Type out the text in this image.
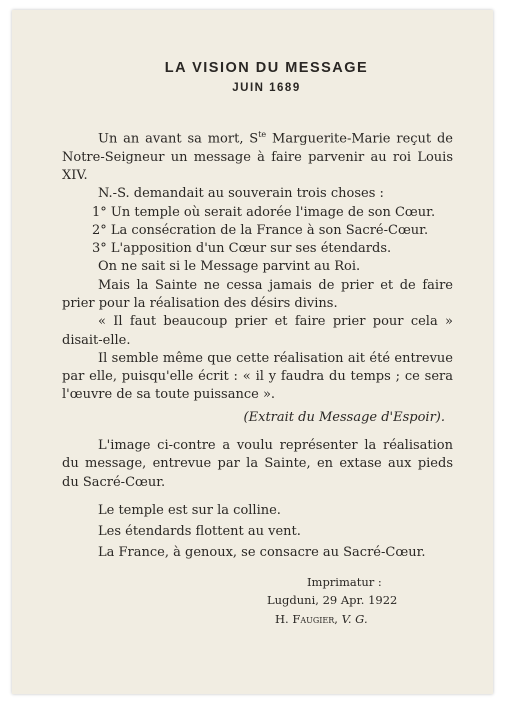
LA VISION DU MESSAGE
JUIN 1689

Un an avant sa mort, $S^{te}$ Marguerite-Marie reçut de Notre-Seigneur un message à faire parvenir au roi Louis XIV.

N.-S. demandait au souverain trois choses :

1° Un temple où serait adorée l'image de son Cœur.

2° La consécration de la France à son Sacré-Cœur.

3° L'apposition d'un Cœur sur ses étendards.

On ne sait si le Message parvint au Roi.

Mais la Sainte ne cessa jamais de prier et de faire prier pour la réalisation des désirs divins.

« Il faut beaucoup prier et faire prier pour cela » disait-elle.

Il semble même que cette réalisation ait été entrevue par elle, puisqu'elle écrit : « il y faudra du temps ; ce sera l'œuvre de sa toute puissance ».

(Extrait du Message d'Espoir).

L'image ci-contre a voulu représenter la réalisation du message, entrevue par la Sainte, en extase aux pieds du Sacré-Cœur.

Le temple est sur la colline.

Les étendards flottent au vent.

La France, à genoux, se consacre au Sacré-Cœur.

Imprimatur :
Lugduni, 29 Apr. 1922
H. Faugier, V. G.
